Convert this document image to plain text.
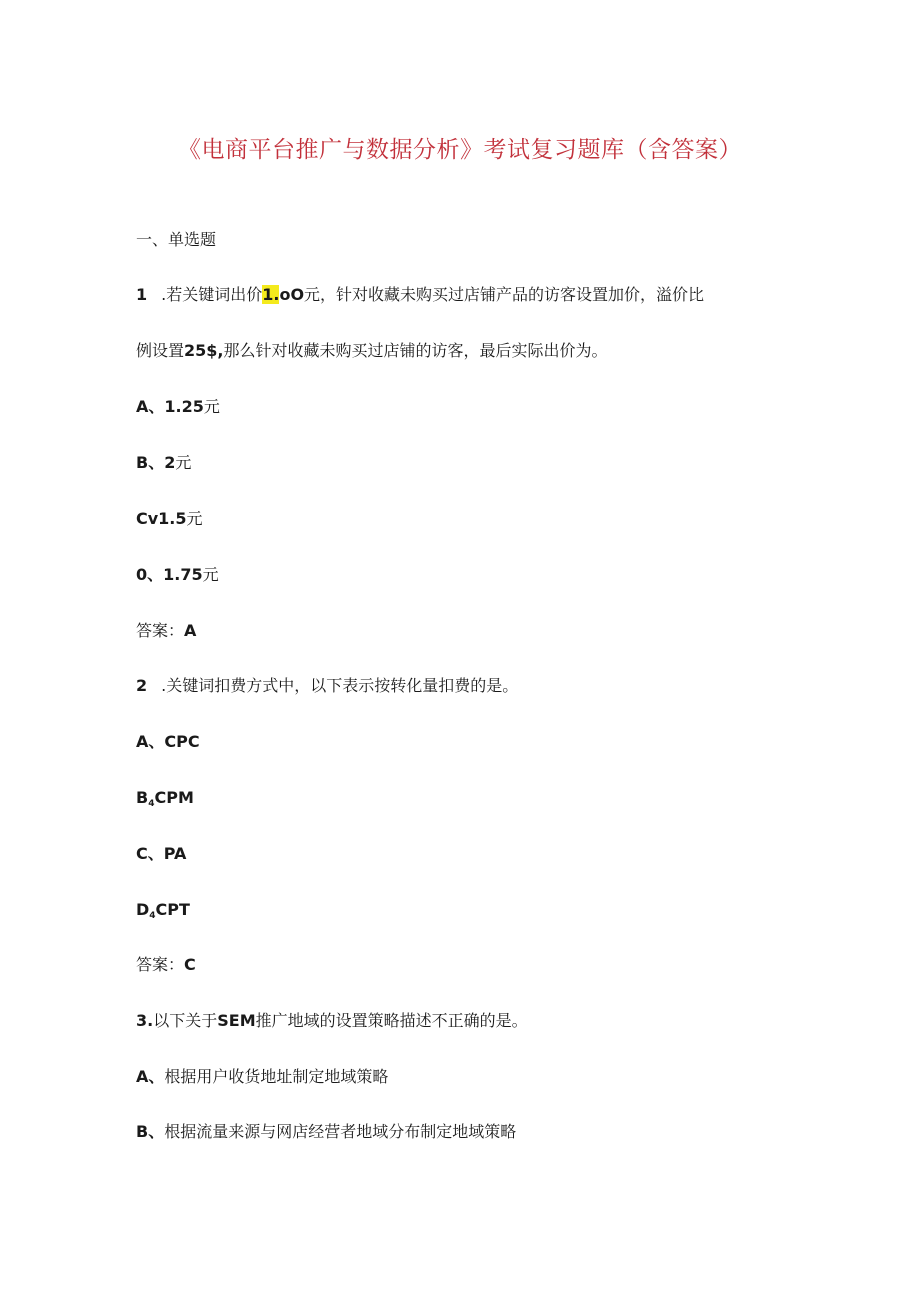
《电商平台推广与数据分析》考试复习题库（含答案）
一、单选题
1 .若关键词出价1.oO元，针对收藏未购买过店铺产品的访客设置加价，溢价比
例设置25$,那么针对收藏未购买过店铺的访客，最后实际出价为。
A、1.25元
B、2元
Cv1.5元
0、1.75元
答案：A
2 .关键词扣费方式中，以下表示按转化量扣费的是。
A、CPC
$B_4CPM$
C、PA
$D_4CPT$
答案：C
3.以下关于SEM推广地域的设置策略描述不正确的是。
A、根据用户收货地址制定地域策略
B、根据流量来源与网店经营者地域分布制定地域策略
